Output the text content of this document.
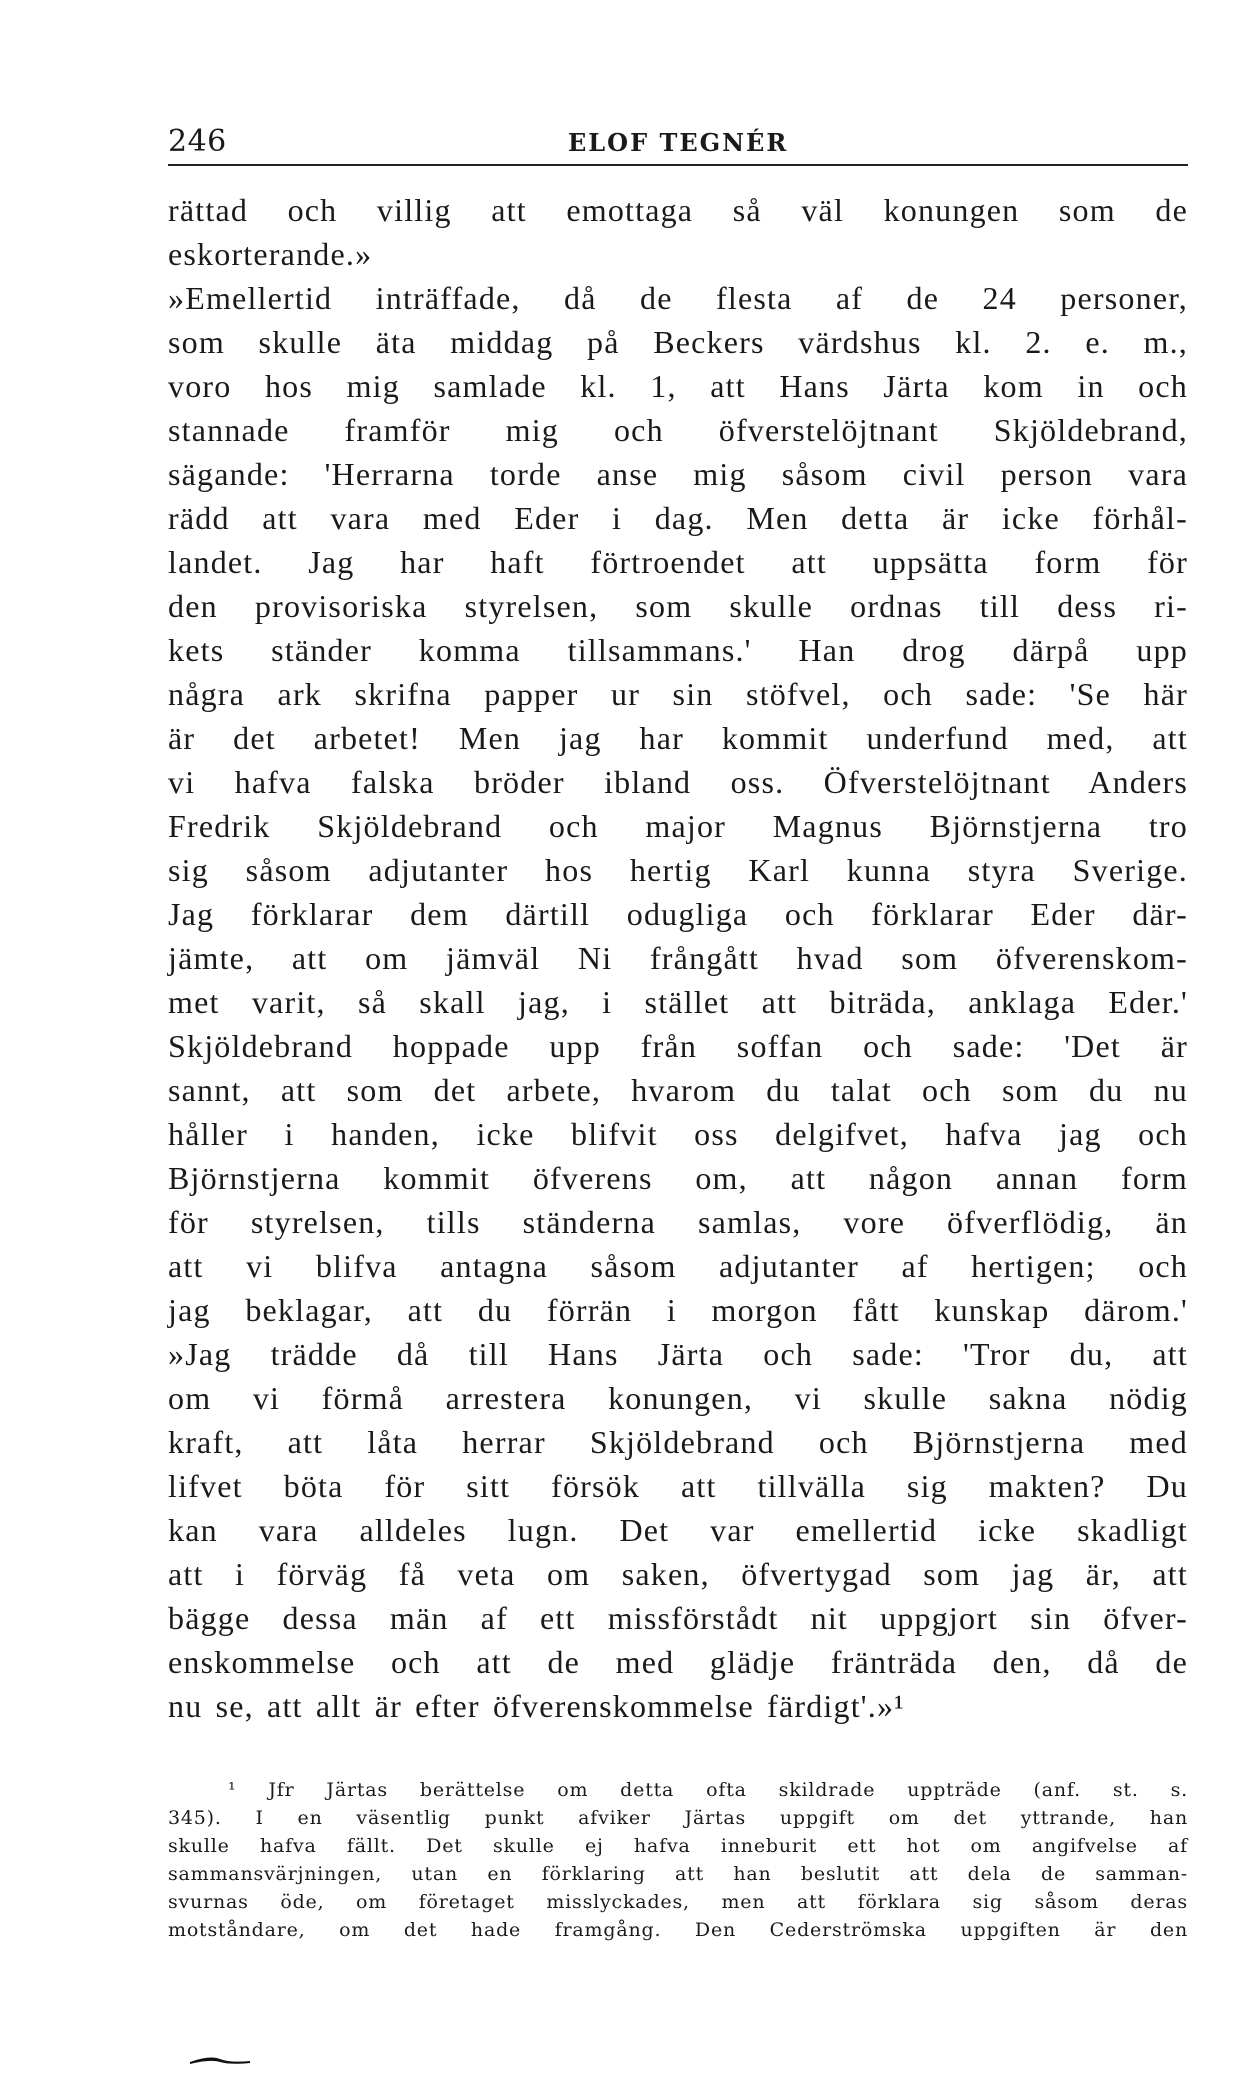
246	ELOF TEGNÉR
rättad och villig att emottaga så väl konungen som de
eskorterande.»
»Emellertid inträffade, då de flesta af de 24 personer,
som skulle äta middag på Beckers värdshus kl. 2. e. m.,
voro hos mig samlade kl. 1, att Hans Järta kom in och
stannade framför mig och öfverstelöjtnant Skjöldebrand,
sägande: 'Herrarna torde anse mig såsom civil person vara
rädd att vara med Eder i dag. Men detta är icke förhål-
landet. Jag har haft förtroendet att uppsätta form för
den provisoriska styrelsen, som skulle ordnas till dess ri-
kets ständer komma tillsammans.' Han drog därpå upp
några ark skrifna papper ur sin stöfvel, och sade: 'Se här
är det arbetet! Men jag har kommit underfund med, att
vi hafva falska bröder ibland oss. Öfverstelöjtnant Anders
Fredrik Skjöldebrand och major Magnus Björnstjerna tro
sig såsom adjutanter hos hertig Karl kunna styra Sverige.
Jag förklarar dem därtill odugliga och förklarar Eder där-
jämte, att om jämväl Ni frångått hvad som öfverenskom-
met varit, så skall jag, i stället att biträda, anklaga Eder.'
Skjöldebrand hoppade upp från soffan och sade: 'Det är
sannt, att som det arbete, hvarom du talat och som du nu
håller i handen, icke blifvit oss delgifvet, hafva jag och
Björnstjerna kommit öfverens om, att någon annan form
för styrelsen, tills ständerna samlas, vore öfverflödig, än
att vi blifva antagna såsom adjutanter af hertigen; och
jag beklagar, att du förrän i morgon fått kunskap därom.'
»Jag trädde då till Hans Järta och sade: 'Tror du, att
om vi förmå arrestera konungen, vi skulle sakna nödig
kraft, att låta herrar Skjöldebrand och Björnstjerna med
lifvet böta för sitt försök att tillvälla sig makten? Du
kan vara alldeles lugn. Det var emellertid icke skadligt
att i förväg få veta om saken, öfvertygad som jag är, att
bägge dessa män af ett missförstådt nit uppgjort sin öfver-
enskommelse och att de med glädje fränträda den, då de
nu se, att allt är efter öfverenskommelse färdigt'.»¹
¹ Jfr Järtas berättelse om detta ofta skildrade uppträde (anf. st. s.
345). I en väsentlig punkt afviker Järtas uppgift om det yttrande, han
skulle hafva fällt. Det skulle ej hafva inneburit ett hot om angifvelse af
sammansvärjningen, utan en förklaring att han beslutit att dela de samman-
svurnas öde, om företaget misslyckades, men att förklara sig såsom deras
motståndare, om det hade framgång. Den Cederströmska uppgiften är den
